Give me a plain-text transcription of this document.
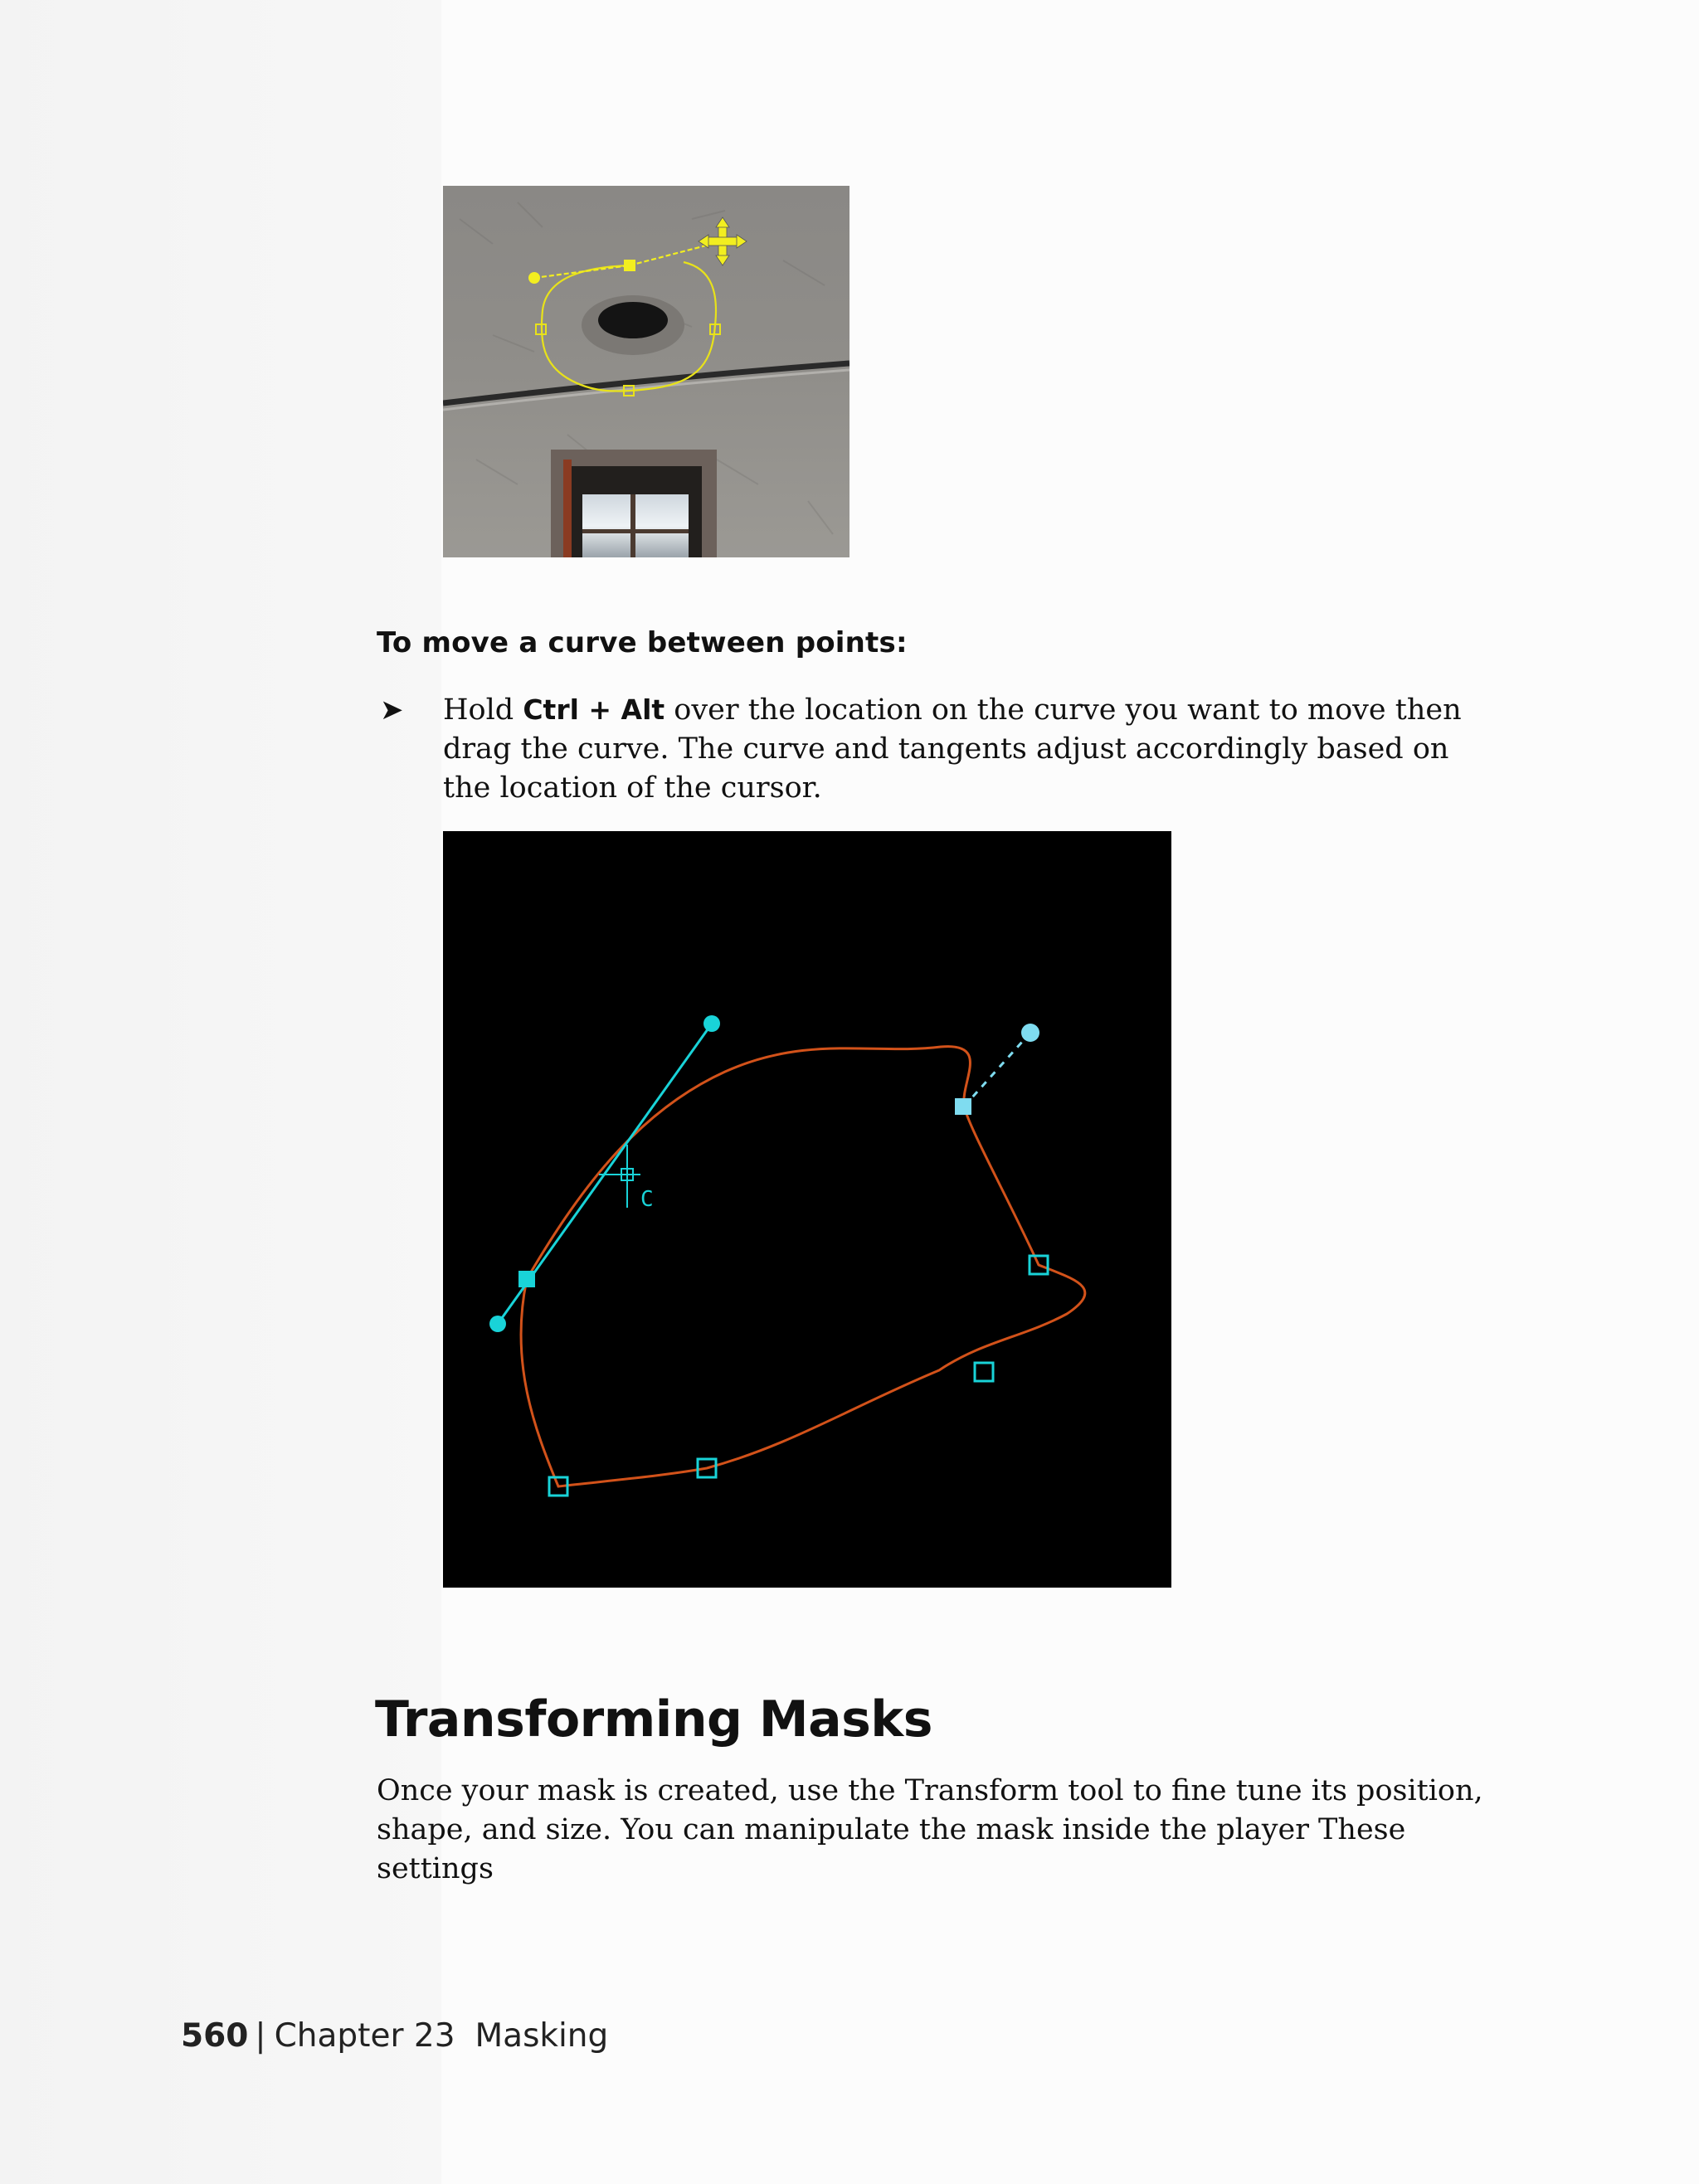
To move a curve between points:
➤ Hold Ctrl + Alt over the location on the curve you want to move then drag the curve. The curve and tangents adjust accordingly based on the location of the cursor.
C
Transforming Masks
Once your mask is created, use the Transform tool to fine tune its position, shape, and size. You can manipulate the mask inside the player These settings
560 | Chapter 23 Masking
